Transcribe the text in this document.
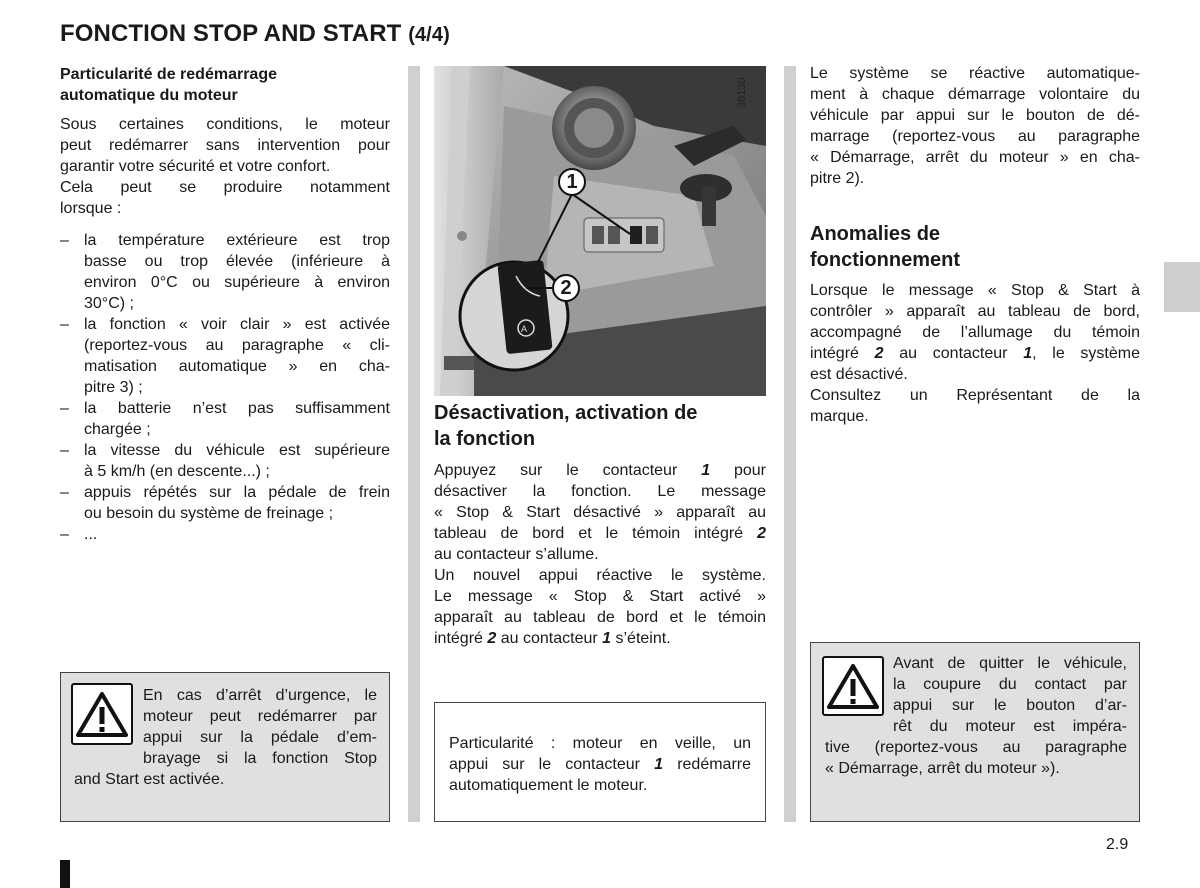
FONCTION STOP AND START (4/4)
Particularité de redémarrage
automatique du moteur
Sous certaines conditions, le moteur
peut redémarrer sans intervention pour
garantir votre sécurité et votre confort.
Cela peut se produire notamment
lorsque :
– la température extérieure est trop
basse ou trop élevée (inférieure à
environ 0°C ou supérieure à environ
30°C) ;
– la fonction « voir clair » est activée
(reportez-vous au paragraphe « cli-
matisation automatique » en cha-
pitre 3) ;
– la batterie n’est pas suffisamment
chargée ;
– la vitesse du véhicule est supérieure
à 5 km/h (en descente...) ;
– appuis répétés sur la pédale de frein
ou besoin du système de freinage ;
– ...
En cas d’arrêt d’urgence, le
moteur peut redémarrer par
appui sur la pédale d’em-
brayage si la fonction Stop
and Start est activée.
A
1
2
38130
Désactivation, activation de
la fonction
Appuyez sur le contacteur 1 pour
désactiver la fonction. Le message
« Stop & Start désactivé » apparaît au
tableau de bord et le témoin intégré 2
au contacteur s’allume.
Un nouvel appui réactive le système.
Le message « Stop & Start activé »
apparaît au tableau de bord et le témoin
intégré 2 au contacteur 1 s’éteint.
Particularité : moteur en veille, un
appui sur le contacteur 1 redémarre
automatiquement le moteur.
Le système se réactive automatique-
ment à chaque démarrage volontaire du
véhicule par appui sur le bouton de dé-
marrage (reportez-vous au paragraphe
« Démarrage, arrêt du moteur » en cha-
pitre 2).
Anomalies de
fonctionnement
Lorsque le message « Stop & Start à
contrôler » apparaît au tableau de bord,
accompagné de l’allumage du témoin
intégré 2 au contacteur 1, le système
est désactivé.
Consultez un Représentant de la
marque.
Avant de quitter le véhicule,
la coupure du contact par
appui sur le bouton d’ar-
rêt du moteur est impéra-
tive (reportez-vous au paragraphe
« Démarrage, arrêt du moteur »).
2.9
